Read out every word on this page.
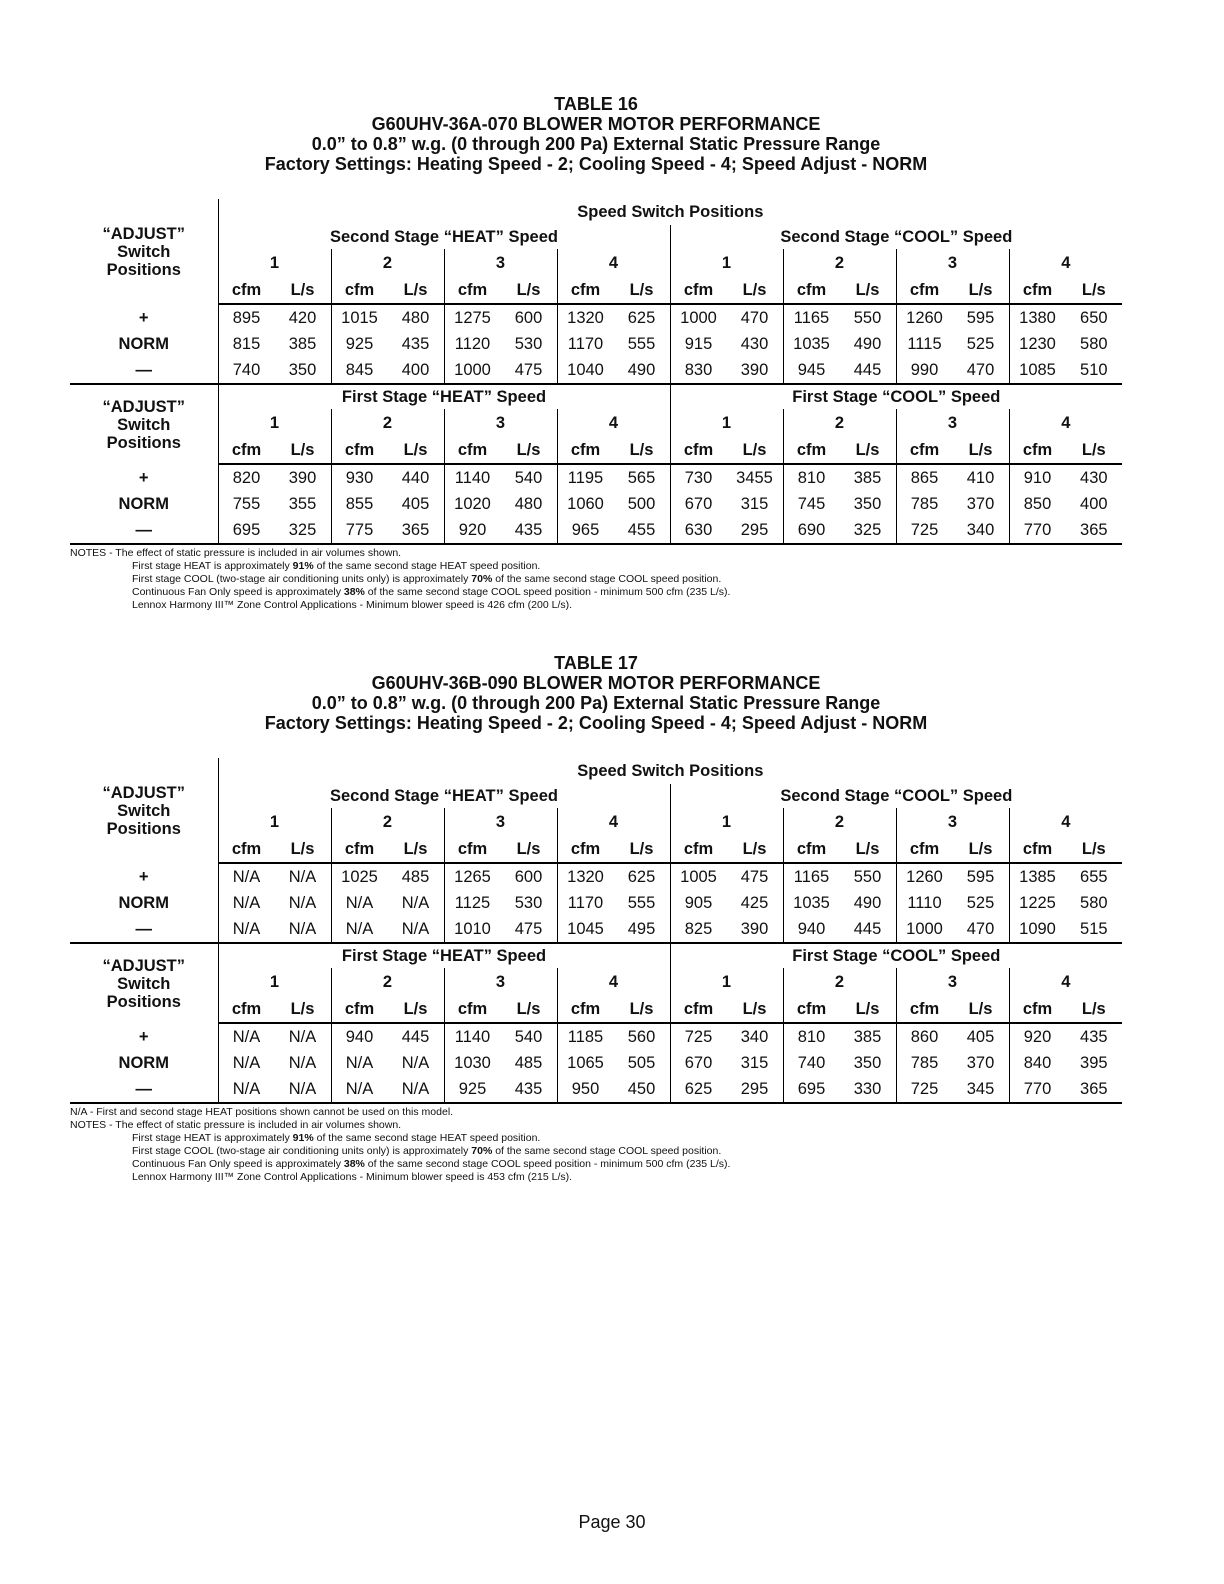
TABLE 16
G60UHV-36A-070 BLOWER MOTOR PERFORMANCE
0.0” to 0.8” w.g. (0 through 200 Pa) External Static Pressure Range
Factory Settings: Heating Speed - 2; Cooling Speed - 4; Speed Adjust - NORM
“ADJUST”
Switch
Positions	Speed Switch Positions															
	Second Stage “HEAT” Speed								Second Stage “COOL” Speed							
	1		2		3		4		1		2		3		4	
	cfm	L/s	cfm	L/s	cfm	L/s	cfm	L/s	cfm	L/s	cfm	L/s	cfm	L/s	cfm	L/s
+	895	420	1015	480	1275	600	1320	625	1000	470	1165	550	1260	595	1380	650
NORM	815	385	925	435	1120	530	1170	555	915	430	1035	490	1115	525	1230	580
—	740	350	845	400	1000	475	1040	490	830	390	945	445	990	470	1085	510

“ADJUST”
Switch
Positions	First Stage “HEAT” Speed								First Stage “COOL” Speed							
	1		2		3		4		1		2		3		4	
	cfm	L/s	cfm	L/s	cfm	L/s	cfm	L/s	cfm	L/s	cfm	L/s	cfm	L/s	cfm	L/s
+	820	390	930	440	1140	540	1195	565	730	3455	810	385	865	410	910	430
NORM	755	355	855	405	1020	480	1060	500	670	315	745	350	785	370	850	400
—	695	325	775	365	920	435	965	455	630	295	690	325	725	340	770	365
NOTES - The effect of static pressure is included in air volumes shown.
First stage HEAT is approximately 91% of the same second stage HEAT speed position.
First stage COOL (two-stage air conditioning units only) is approximately 70% of the same second stage COOL speed position.
Continuous Fan Only speed is approximately 38% of the same second stage COOL speed position - minimum 500 cfm (235 L/s).
Lennox Harmony III™ Zone Control Applications - Minimum blower speed is 426 cfm (200 L/s).
TABLE 17
G60UHV-36B-090 BLOWER MOTOR PERFORMANCE
0.0” to 0.8” w.g. (0 through 200 Pa) External Static Pressure Range
Factory Settings: Heating Speed - 2; Cooling Speed - 4; Speed Adjust - NORM
“ADJUST”
Switch
Positions	Speed Switch Positions															
	Second Stage “HEAT” Speed								Second Stage “COOL” Speed							
	1		2		3		4		1		2		3		4	
	cfm	L/s	cfm	L/s	cfm	L/s	cfm	L/s	cfm	L/s	cfm	L/s	cfm	L/s	cfm	L/s
+	N/A	N/A	1025	485	1265	600	1320	625	1005	475	1165	550	1260	595	1385	655
NORM	N/A	N/A	N/A	N/A	1125	530	1170	555	905	425	1035	490	1110	525	1225	580
—	N/A	N/A	N/A	N/A	1010	475	1045	495	825	390	940	445	1000	470	1090	515

“ADJUST”
Switch
Positions	First Stage “HEAT” Speed								First Stage “COOL” Speed							
	1		2		3		4		1		2		3		4	
	cfm	L/s	cfm	L/s	cfm	L/s	cfm	L/s	cfm	L/s	cfm	L/s	cfm	L/s	cfm	L/s
+	N/A	N/A	940	445	1140	540	1185	560	725	340	810	385	860	405	920	435
NORM	N/A	N/A	N/A	N/A	1030	485	1065	505	670	315	740	350	785	370	840	395
—	N/A	N/A	N/A	N/A	925	435	950	450	625	295	695	330	725	345	770	365
N/A - First and second stage HEAT positions shown cannot be used on this model.
NOTES - The effect of static pressure is included in air volumes shown.
First stage HEAT is approximately 91% of the same second stage HEAT speed position.
First stage COOL (two-stage air conditioning units only) is approximately 70% of the same second stage COOL speed position.
Continuous Fan Only speed is approximately 38% of the same second stage COOL speed position - minimum 500 cfm (235 L/s).
Lennox Harmony III™ Zone Control Applications - Minimum blower speed is 453 cfm (215 L/s).
Page 30
